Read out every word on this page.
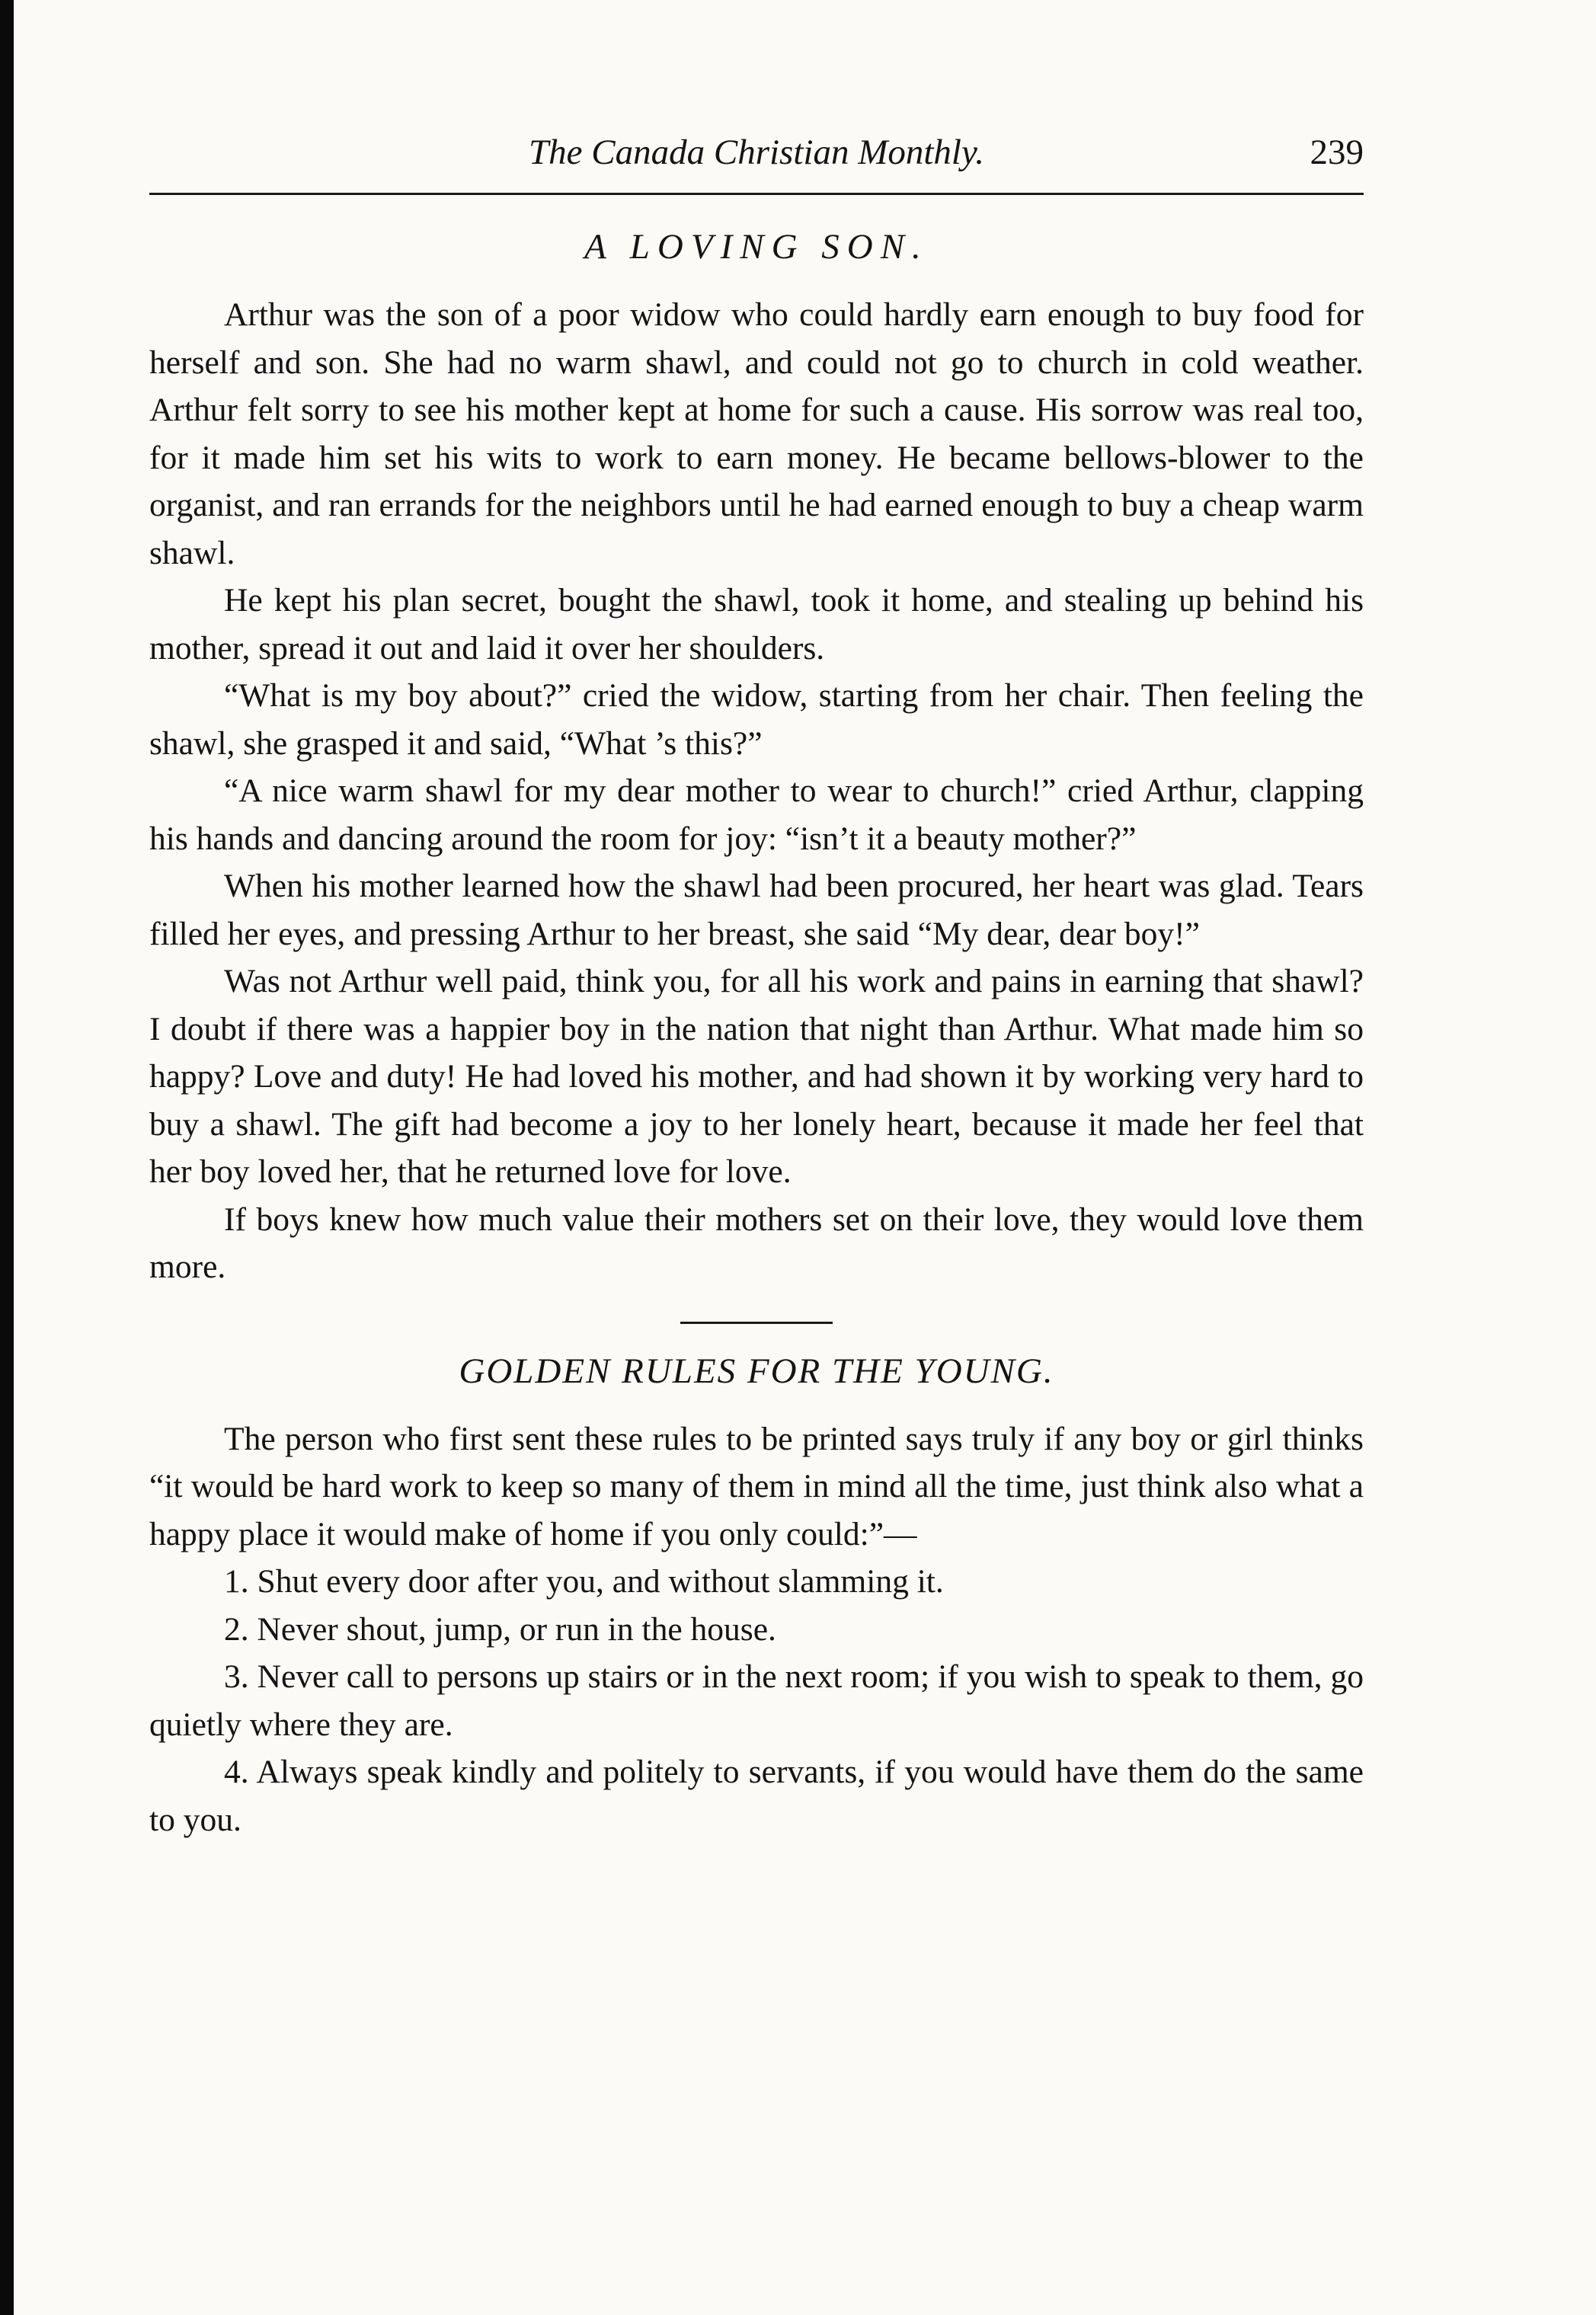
The Canada Christian Monthly.	239
A LOVING SON.

Arthur was the son of a poor widow who could hardly earn enough to buy food for herself and son. She had no warm shawl, and could not go to church in cold weather. Arthur felt sorry to see his mother kept at home for such a cause. His sorrow was real too, for it made him set his wits to work to earn money. He became bellows-blower to the organist, and ran errands for the neighbors until he had earned enough to buy a cheap warm shawl.

He kept his plan secret, bought the shawl, took it home, and stealing up behind his mother, spread it out and laid it over her shoulders.

“What is my boy about?” cried the widow, starting from her chair. Then feeling the shawl, she grasped it and said, “What ’s this?”

“A nice warm shawl for my dear mother to wear to church!” cried Arthur, clapping his hands and dancing around the room for joy: “isn’t it a beauty mother?”

When his mother learned how the shawl had been procured, her heart was glad. Tears filled her eyes, and pressing Arthur to her breast, she said “My dear, dear boy!”

Was not Arthur well paid, think you, for all his work and pains in earning that shawl? I doubt if there was a happier boy in the nation that night than Arthur. What made him so happy? Love and duty! He had loved his mother, and had shown it by working very hard to buy a shawl. The gift had become a joy to her lonely heart, because it made her feel that her boy loved her, that he returned love for love.

If boys knew how much value their mothers set on their love, they would love them more.

GOLDEN RULES FOR THE YOUNG.

The person who first sent these rules to be printed says truly if any boy or girl thinks “it would be hard work to keep so many of them in mind all the time, just think also what a happy place it would make of home if you only could:”—

1. Shut every door after you, and without slamming it.

2. Never shout, jump, or run in the house.

3. Never call to persons up stairs or in the next room; if you wish to speak to them, go quietly where they are.

4. Always speak kindly and politely to servants, if you would have them do the same to you.
